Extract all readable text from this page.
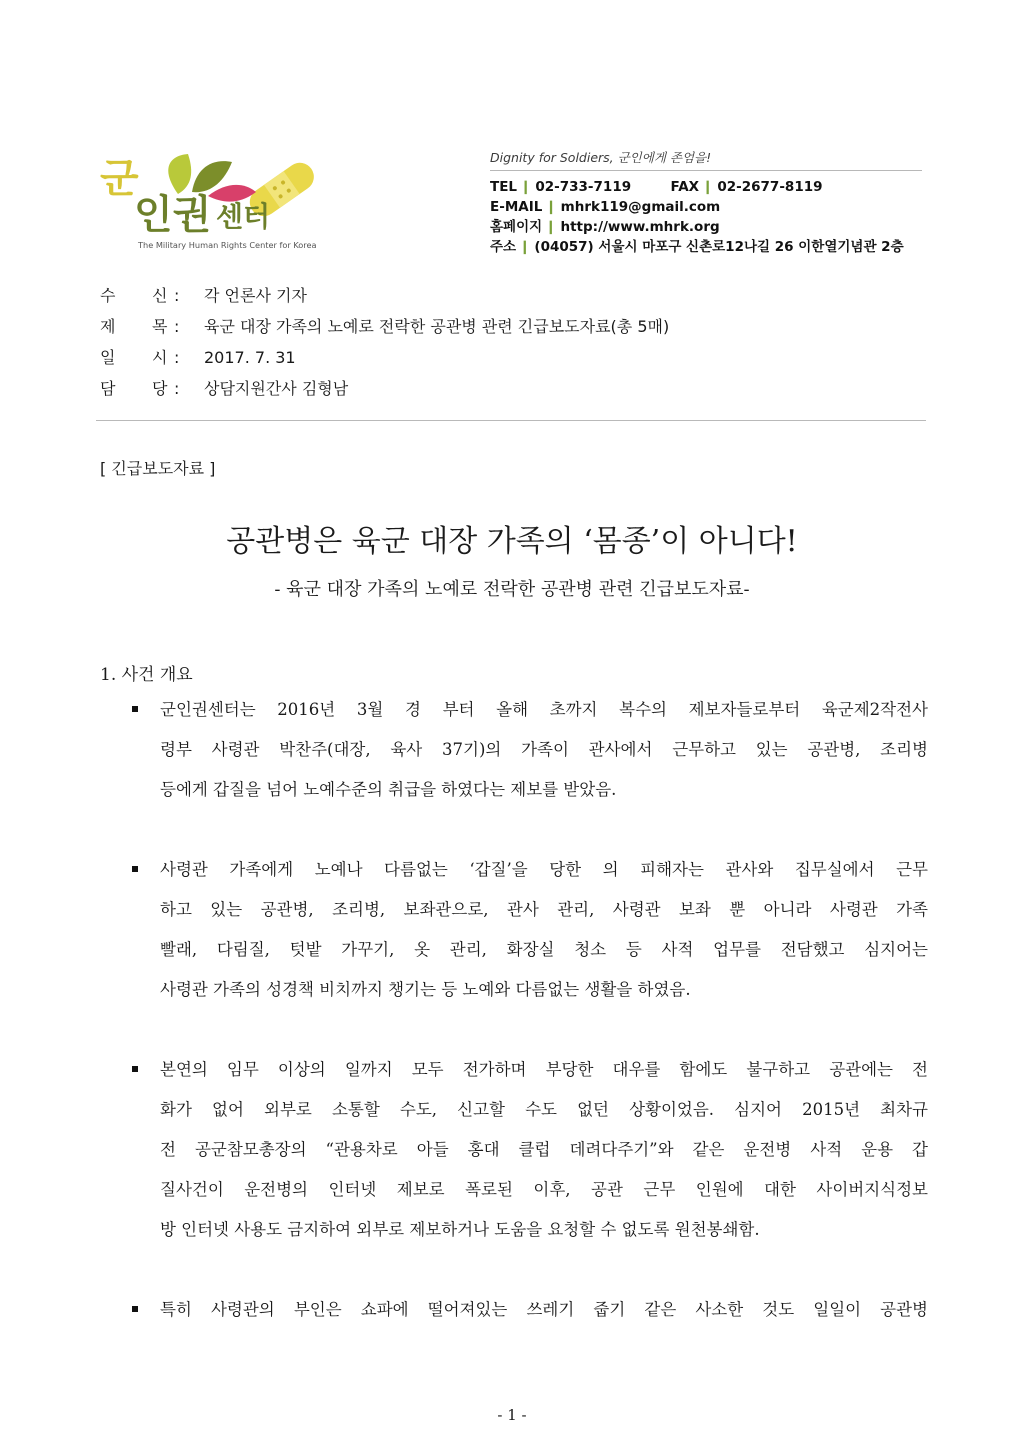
군
인권 센터
The Military Human Rights Center for Korea
Dignity for Soldiers, 군인에게 존엄을!
TEL ❙ 02-733-7119	FAX ❙ 02-2677-8119
E-MAIL ❙ mhrk119@gmail.com
홈페이지 ❙ http://www.mhrk.org
주소 ❙ (04057) 서울시 마포구 신촌로12나길 26 이한열기념관 2층
수	신 :	각 언론사 기자
제	목 :	육군 대장 가족의 노예로 전락한 공관병 관련 긴급보도자료(총 5매)
일	시 :	2017. 7. 31
담	당 :	상담지원간사 김형남
[ 긴급보도자료 ]
공관병은 육군 대장 가족의 ‘몸종’이 아니다!
- 육군 대장 가족의 노예로 전락한 공관병 관련 긴급보도자료-
1. 사건 개요
군인권센터는 2016년 3월 경 부터 올해 초까지 복수의 제보자들로부터 육군제2작전사
령부 사령관 박찬주(대장, 육사 37기)의 가족이 관사에서 근무하고 있는 공관병, 조리병
등에게 갑질을 넘어 노예수준의 취급을 하였다는 제보를 받았음.
사령관 가족에게 노예나 다름없는 ‘갑질’을 당한 의 피해자는 관사와 집무실에서 근무
하고 있는 공관병, 조리병, 보좌관으로, 관사 관리, 사령관 보좌 뿐 아니라 사령관 가족
빨래, 다림질, 텃밭 가꾸기, 옷 관리, 화장실 청소 등 사적 업무를 전담했고 심지어는
사령관 가족의 성경책 비치까지 챙기는 등 노예와 다름없는 생활을 하였음.
본연의 임무 이상의 일까지 모두 전가하며 부당한 대우를 함에도 불구하고 공관에는 전
화가 없어 외부로 소통할 수도, 신고할 수도 없던 상황이었음. 심지어 2015년 최차규
전 공군참모총장의 “관용차로 아들 홍대 클럽 데려다주기”와 같은 운전병 사적 운용 갑
질사건이 운전병의 인터넷 제보로 폭로된 이후, 공관 근무 인원에 대한 사이버지식정보
방 인터넷 사용도 금지하여 외부로 제보하거나 도움을 요청할 수 없도록 원천봉쇄함.
특히 사령관의 부인은 쇼파에 떨어져있는 쓰레기 줍기 같은 사소한 것도 일일이 공관병
- 1 -
